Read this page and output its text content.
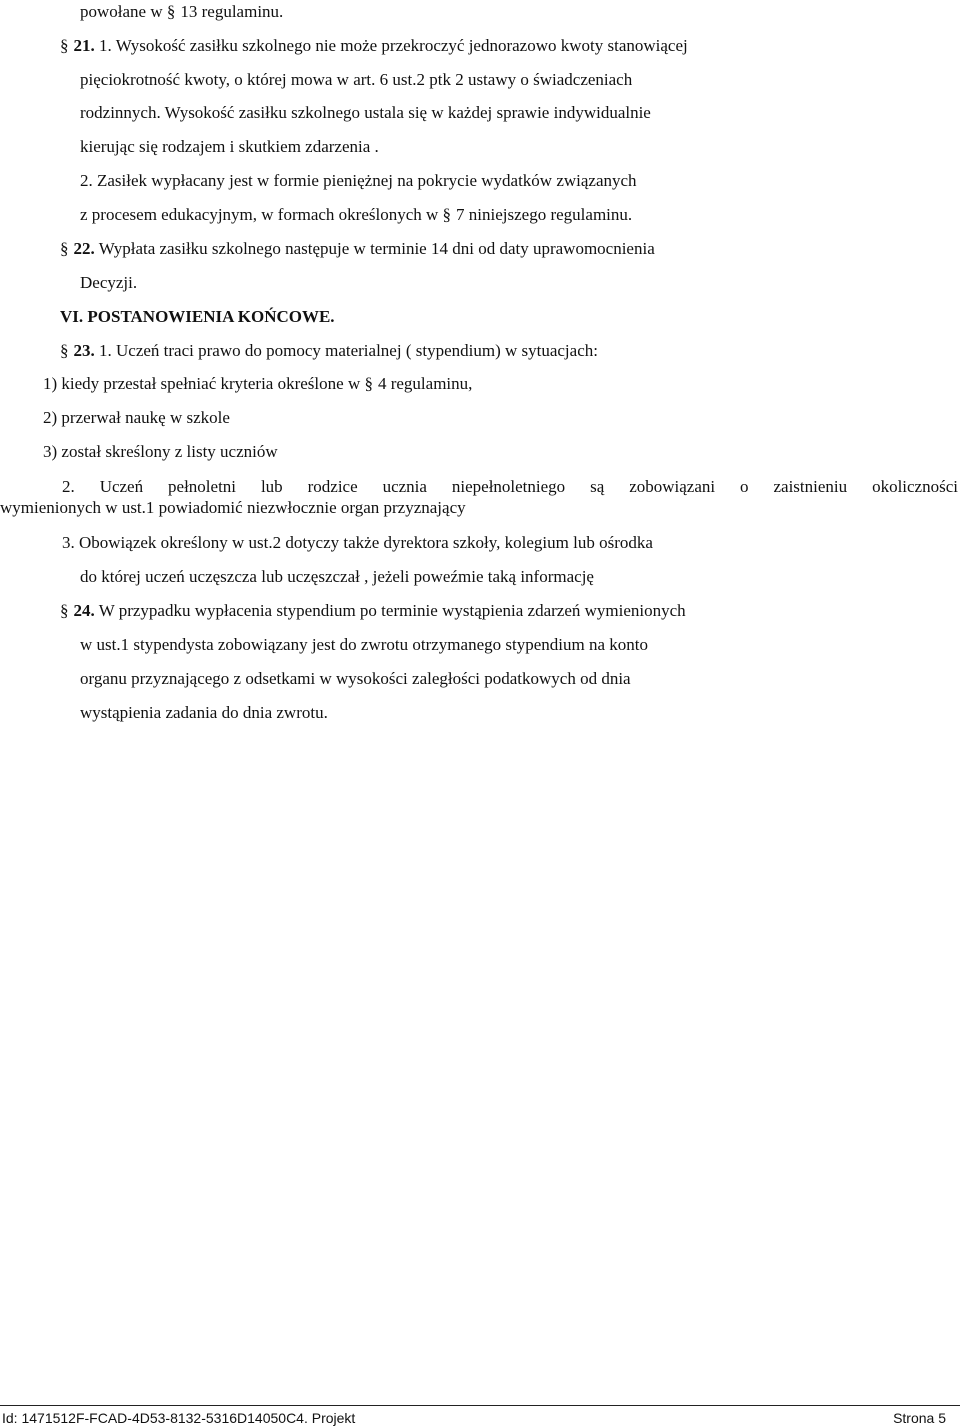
powołane w § 13 regulaminu.
§ 21. 1. Wysokość zasiłku szkolnego nie może przekroczyć jednorazowo kwoty stanowiącej
pięciokrotność kwoty, o której mowa w art. 6 ust.2 ptk 2 ustawy o świadczeniach
rodzinnych. Wysokość zasiłku szkolnego ustala się w każdej sprawie indywidualnie
kierując się rodzajem i skutkiem zdarzenia .
2. Zasiłek wypłacany jest w formie pieniężnej na pokrycie wydatków związanych
z procesem edukacyjnym, w formach określonych w § 7 niniejszego regulaminu.
§ 22. Wypłata zasiłku szkolnego następuje w terminie 14 dni od daty uprawomocnienia
Decyzji.
VI. POSTANOWIENIA KOŃCOWE.
§ 23. 1. Uczeń traci prawo do pomocy materialnej ( stypendium) w sytuacjach:
1) kiedy przestał spełniać kryteria określone w § 4 regulaminu,
2) przerwał naukę w szkole
3) został skreślony z listy uczniów
2. Uczeń pełnoletni lub rodzice ucznia niepełnoletniego są zobowiązani o zaistnieniu okoliczności
wymienionych w ust.1 powiadomić niezwłocznie organ przyznający
3. Obowiązek określony w ust.2 dotyczy także dyrektora szkoły, kolegium lub ośrodka
do której uczeń uczęszcza lub uczęszczał , jeżeli poweźmie taką informację
§ 24. W przypadku wypłacenia stypendium po terminie wystąpienia zdarzeń wymienionych
w ust.1 stypendysta zobowiązany jest do zwrotu otrzymanego stypendium na konto
organu przyznającego z odsetkami w wysokości zaległości podatkowych od dnia
wystąpienia zadania do dnia zwrotu.
Id: 1471512F-FCAD-4D53-8132-5316D14050C4. Projekt	Strona 5
